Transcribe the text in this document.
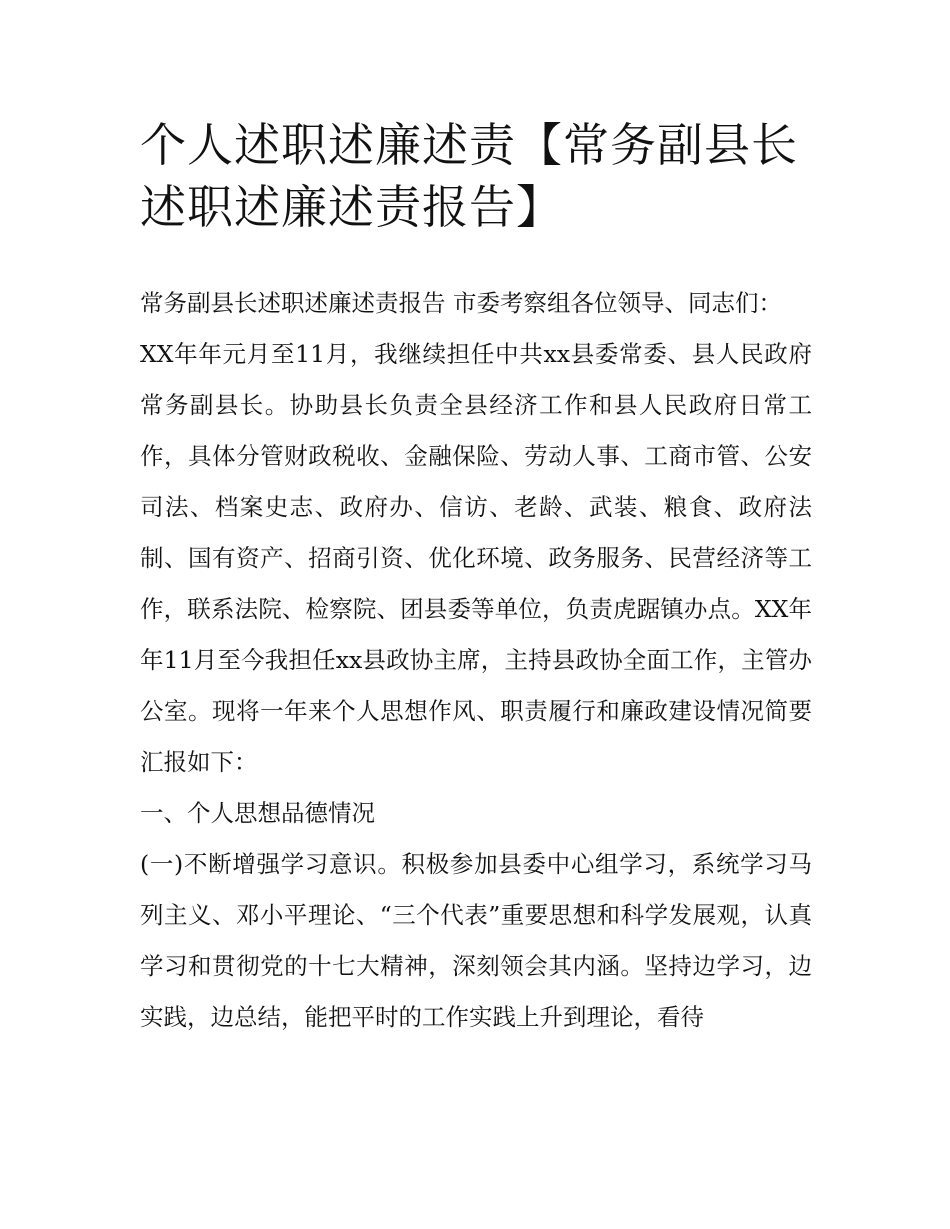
个人述职述廉述责【常务副县长述职述廉述责报告】

常务副县长述职述廉述责报告 市委考察组各位领导、同志们：

XX年年元月至11月，我继续担任中共xx县委常委、县人民政府常务副县长。协助县长负责全县经济工作和县人民政府日常工作，具体分管财政税收、金融保险、劳动人事、工商市管、公安司法、档案史志、政府办、信访、老龄、武装、粮食、政府法制、国有资产、招商引资、优化环境、政务服务、民营经济等工作，联系法院、检察院、团县委等单位，负责虎踞镇办点。XX年年11月至今我担任xx县政协主席，主持县政协全面工作，主管办公室。现将一年来个人思想作风、职责履行和廉政建设情况简要汇报如下：

一、个人思想品德情况

(一)不断增强学习意识。积极参加县委中心组学习，系统学习马列主义、邓小平理论、“三个代表”重要思想和科学发展观，认真学习和贯彻党的十七大精神，深刻领会其内涵。坚持边学习，边实践，边总结，能把平时的工作实践上升到理论，看待
